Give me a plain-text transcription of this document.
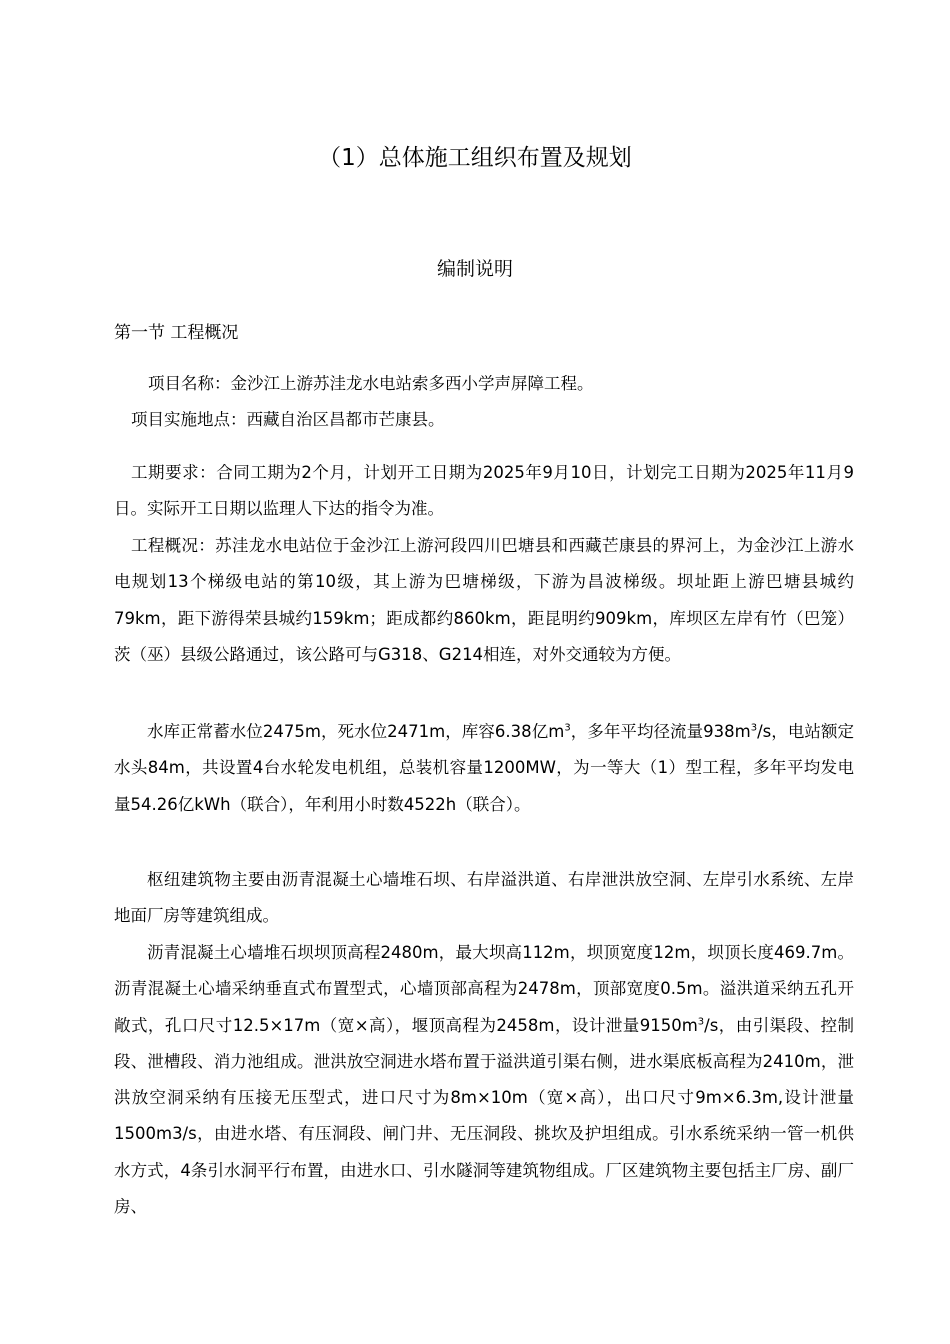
（1）总体施工组织布置及规划
编制说明
第一节 工程概况

项目名称：金沙江上游苏洼龙水电站索多西小学声屏障工程。

项目实施地点：西藏自治区昌都市芒康县。

工期要求：合同工期为2个月，计划开工日期为2025年9月10日，计划完工日期为2025年11月9日。实际开工日期以监理人下达的指令为准。

工程概况：苏洼龙水电站位于金沙江上游河段四川巴塘县和西藏芒康县的界河上，为金沙江上游水电规划13个梯级电站的第10级，其上游为巴塘梯级，下游为昌波梯级。坝址距上游巴塘县城约79km，距下游得荣县城约159km；距成都约860km，距昆明约909km，库坝区左岸有竹（巴笼）茨（巫）县级公路通过，该公路可与G318、G214相连，对外交通较为方便。

水库正常蓄水位2475m，死水位2471m，库容6.38亿$m^3$，多年平均径流量$938m^3/s$，电站额定水头84m，共设置4台水轮发电机组，总装机容量1200MW，为一等大（1）型工程，多年平均发电量54.26亿kWh（联合），年利用小时数4522h（联合）。

枢纽建筑物主要由沥青混凝土心墙堆石坝、右岸溢洪道、右岸泄洪放空洞、左岸引水系统、左岸地面厂房等建筑组成。

沥青混凝土心墙堆石坝坝顶高程2480m，最大坝高112m，坝顶宽度12m，坝顶长度469.7m。沥青混凝土心墙采纳垂直式布置型式，心墙顶部高程为2478m，顶部宽度0.5m。溢洪道采纳五孔开敞式，孔口尺寸12.5×17m（宽×高），堰顶高程为2458m，设计泄量$9150m^3/s$，由引渠段、控制段、泄槽段、消力池组成。泄洪放空洞进水塔布置于溢洪道引渠右侧，进水渠底板高程为2410m，泄洪放空洞采纳有压接无压型式，进口尺寸为8m×10m（宽×高），出口尺寸9m×6.3m,设计泄量1500m3/s，由进水塔、有压洞段、闸门井、无压洞段、挑坎及护坦组成。引水系统采纳一管一机供水方式，4条引水洞平行布置，由进水口、引水隧洞等建筑物组成。厂区建筑物主要包括主厂房、副厂房、
